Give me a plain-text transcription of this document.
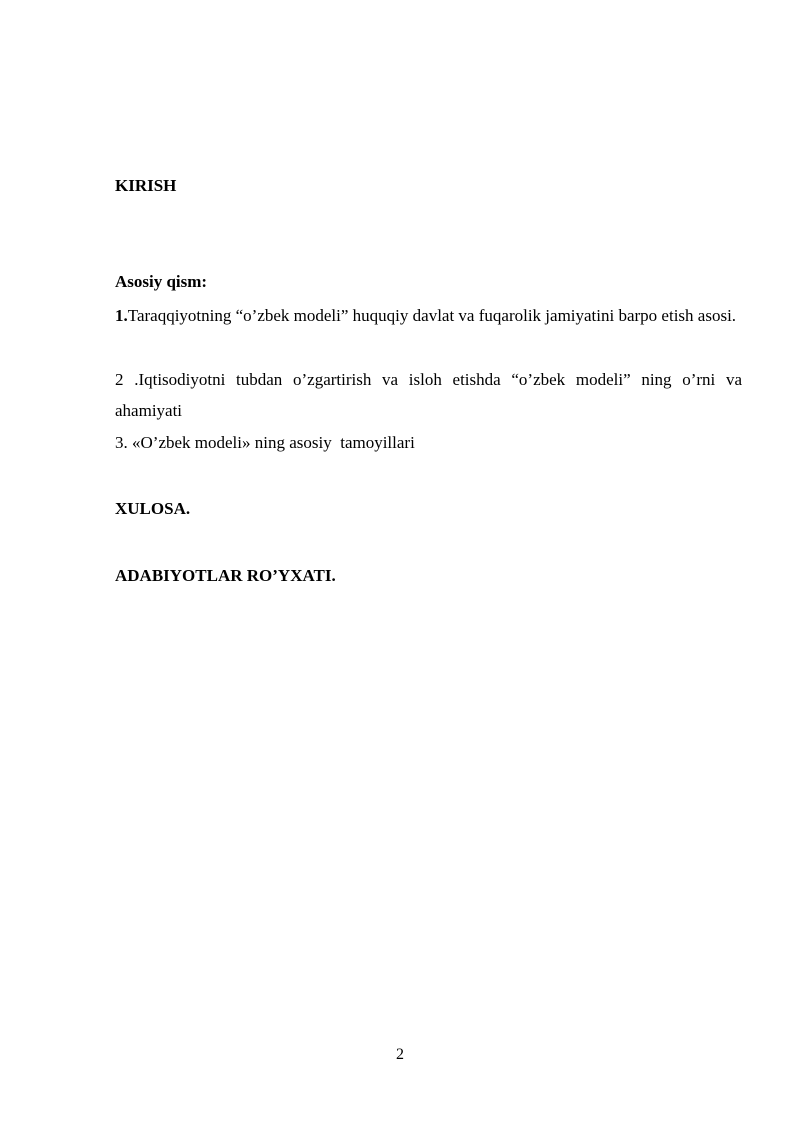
KIRISH
Asosiy qism:
1.Taraqqiyotning “o’zbek modeli” huquqiy davlat va fuqarolik jamiyatini barpo etish asosi.
2 .Iqtisodiyotni tubdan o’zgartirish va isloh etishda “o’zbek modeli” ning o’rni va ahamiyati
3. «O’zbek modeli» ning asosiy  tamoyillari
XULOSA.
ADABIYOTLAR RO’YXATI.
2
